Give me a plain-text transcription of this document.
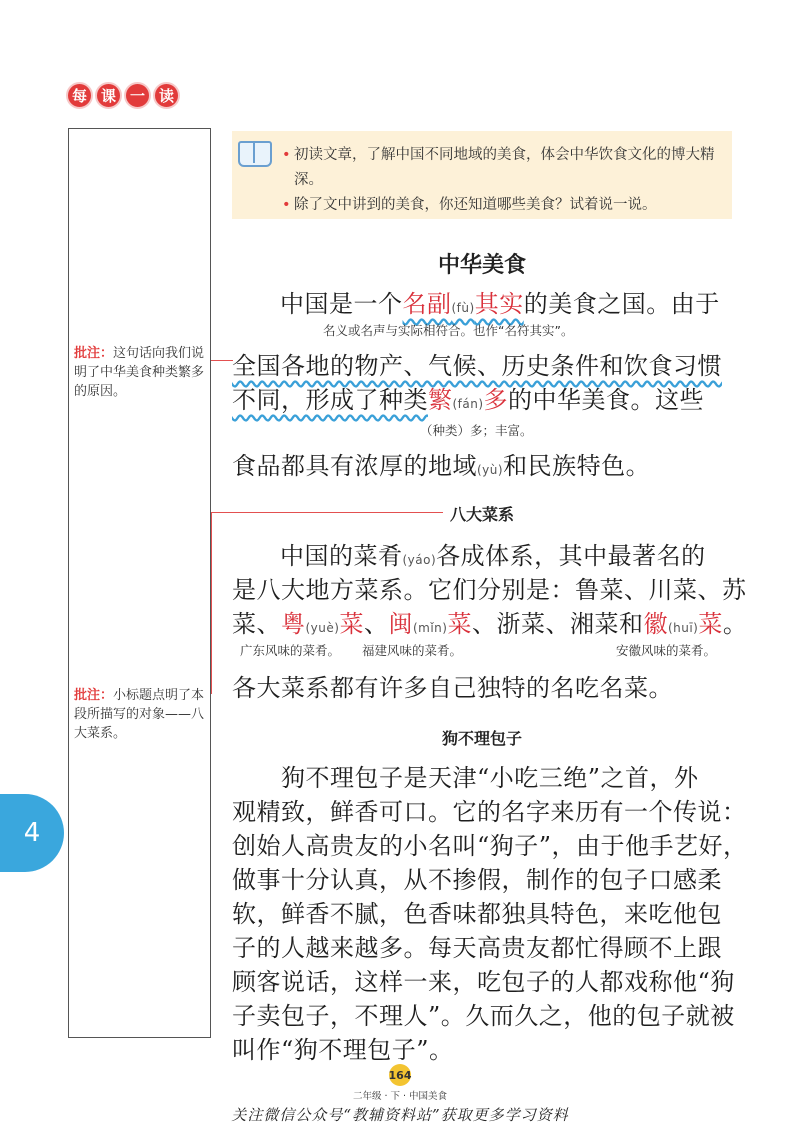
每 课 一 读
批注：这句话向我们说明了中华美食种类繁多的原因。
批注：小标题点明了本段所描写的对象——八大菜系。
4
• 初读文章，了解中国不同地域的美食，体会中华饮食文化的博大精深。
• 除了文中讲到的美食，你还知道哪些美食？试着说一说。
中华美食
中国是一个名副(fù)其实的美食之国。由于
名义或名声与实际相符合。也作“名符其实”。
全国各地的物产、气候、历史条件和饮食习惯
不同，形成了种类繁(fán)多的中华美食。这些
（种类）多；丰富。
食品都具有浓厚的地域(yù)和民族特色。
八大菜系
中国的菜肴(yáo)各成体系，其中最著名的
是八大地方菜系。它们分别是：鲁菜、川菜、苏
菜、粤(yuè)菜、闽(mǐn)菜、浙菜、湘菜和徽(huī)菜。
广东风味的菜肴。 福建风味的菜肴。	安徽风味的菜肴。
各大菜系都有许多自己独特的名吃名菜。
狗不理包子
　　狗不理包子是天津“小吃三绝”之首，外
观精致，鲜香可口。它的名字来历有一个传说：
创始人高贵友的小名叫“狗子”，由于他手艺好，
做事十分认真，从不掺假，制作的包子口感柔
软，鲜香不腻，色香味都独具特色，来吃他包
子的人越来越多。每天高贵友都忙得顾不上跟
顾客说话，这样一来，吃包子的人都戏称他“狗
子卖包子，不理人”。久而久之，他的包子就被
叫作“狗不理包子”。
164
二年级 · 下 · 中国美食
关注微信公众号“教辅资料站”获取更多学习资料
